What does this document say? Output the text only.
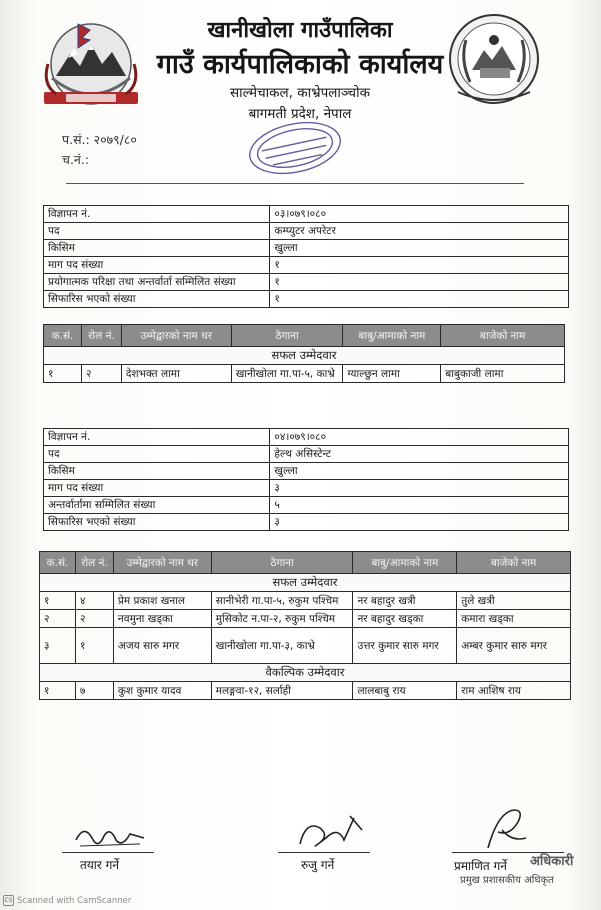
खानीखोला गाउँपालिका
गाउँ कार्यपालिकाको कार्यालय
साल्मेचाकल, काभ्रेपलाञ्चोक
बागमती प्रदेश, नेपाल
प.सं.: २०७९/८०
च.नं.:
विज्ञापन नं.	०३।०७९।०८०
पद	कम्प्युटर अपरेटर
किसिम	खुल्ला
माग पद संख्या	१
प्रयोगात्मक परिक्षा तथा अन्तर्वार्ता सम्मिलित संख्या	१
सिफारिस भएको संख्या	१
क.सं.	रोल नं.	उम्मेद्वारको नाम थर	ठेगाना	बाबु/आमाको नाम	बाजेको नाम
सफल उम्मेदवार					
१	२	देशभक्त लामा	खानीखोला गा.पा-५, काभ्रे	ग्याल्छुन लामा	बाबुकाजी लामा
विज्ञापन नं.	०४।०७९।०८०
पद	हेल्थ असिस्टेन्ट
किसिम	खुल्ला
माग पद संख्या	३
अन्तर्वार्तामा सम्मिलित संख्या	५
सिफारिस भएको संख्या	३
क.सं.	रोल नं.	उम्मेद्वारको नाम थर	ठेगाना	बाबु/आमाको नाम	बाजेको नाम
सफल उम्मेदवार					
१	४	प्रेम प्रकाश खनाल	सानीभेरी गा.पा-५, रुकुम पश्चिम	नर बहादुर खत्री	तुले खत्री
२	२	नवमुना खड्का	मुसिकोट न.पा-२, रुकुम पश्चिम	नर बहादुर खड्का	कमारा खड्का
३	१	अजय सारु मगर	खानीखोला गा.पा-३, काभ्रे	उत्तर कुमार सारु मगर	अम्बर कुमार सारु मगर
वैकल्पिक उम्मेदवार					
१	७	कुश कुमार यादव	मलङ्गवा-१२, सर्लाही	लालबाबु राय	राम आशिष राय
तयार गर्ने	रुजु गर्ने	प्रमाणित गर्ने अधिकारी
प्रमुख प्रशासकीय अधिकृत
CS Scanned with CamScanner
